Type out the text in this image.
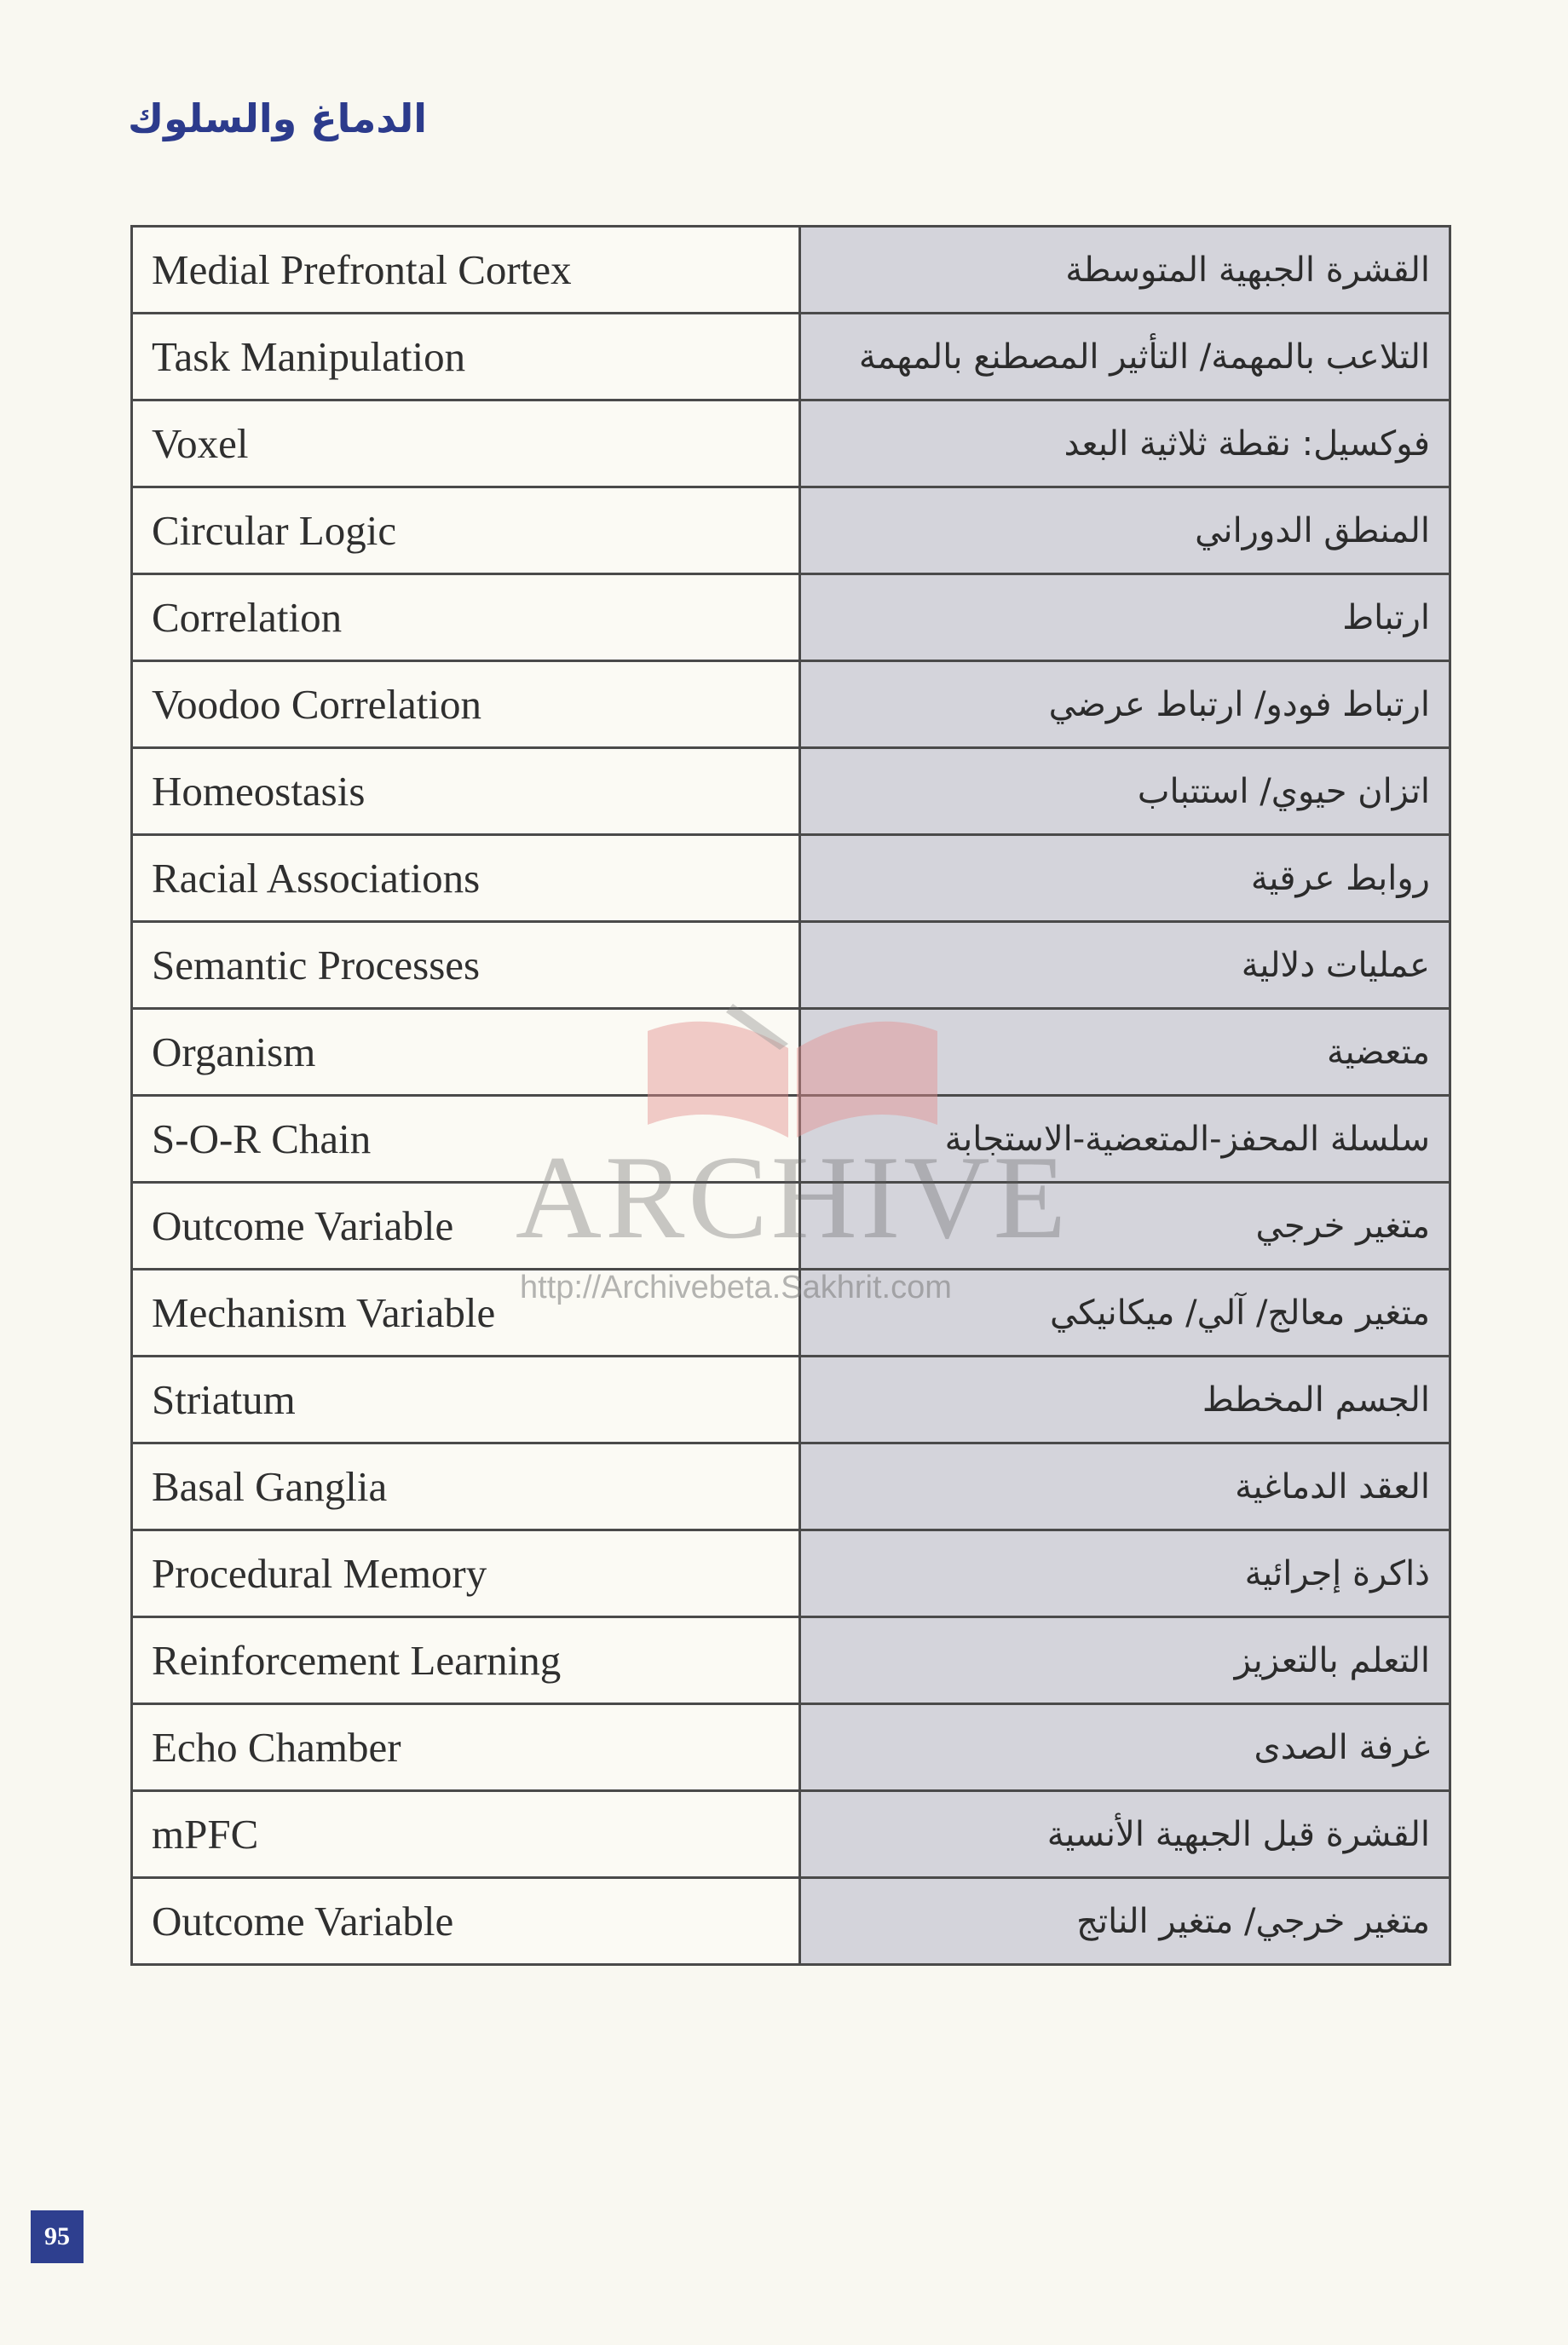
الدماغ والسلوك
Medial Prefrontal Cortex	القشرة الجبهية المتوسطة
Task Manipulation	التلاعب بالمهمة/ التأثير المصطنع بالمهمة
Voxel	فوكسيل: نقطة ثلاثية البعد
Circular Logic	المنطق الدوراني
Correlation	ارتباط
Voodoo Correlation	ارتباط فودو/ ارتباط عرضي
Homeostasis	اتزان حيوي/ استتباب
Racial Associations	روابط عرقية
Semantic Processes	عمليات دلالية
Organism	متعضية
S-O-R Chain	سلسلة المحفز-المتعضية-الاستجابة
Outcome Variable	متغير خرجي
Mechanism Variable	متغير معالج/ آلي/ ميكانيكي
Striatum	الجسم المخطط
Basal Ganglia	العقد الدماغية
Procedural Memory	ذاكرة إجرائية
Reinforcement Learning	التعلم بالتعزيز
Echo Chamber	غرفة الصدى
mPFC	القشرة قبل الجبهية الأنسية
Outcome Variable	متغير خرجي/ متغير الناتج

ARCHIVE

http://Archivebeta.Sakhrit.com

95
